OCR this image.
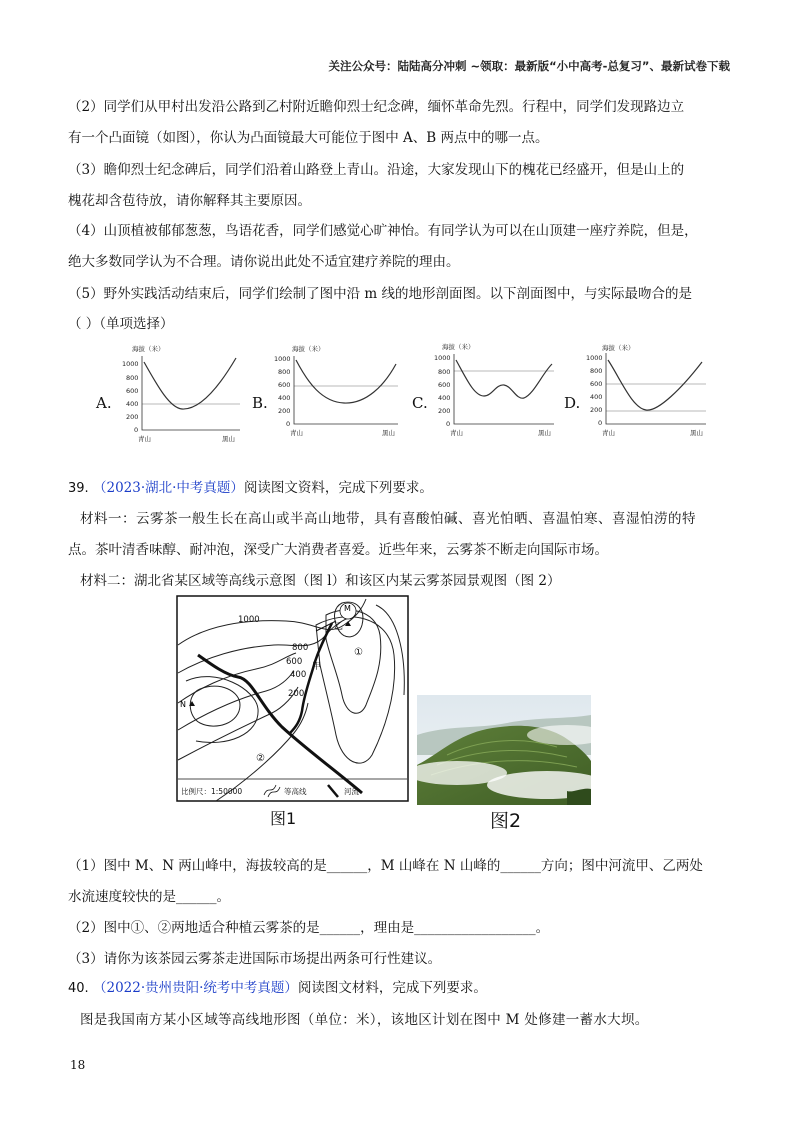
关注公众号：陆陆高分冲刺 ~领取：最新版“小中高考-总复习”、最新试卷下载
（2）同学们从甲村出发沿公路到乙村附近瞻仰烈士纪念碑，缅怀革命先烈。行程中，同学们发现路边立
有一个凸面镜（如图），你认为凸面镜最大可能位于图中 A、B 两点中的哪一点。
（3）瞻仰烈士纪念碑后，同学们沿着山路登上青山。沿途，大家发现山下的槐花已经盛开，但是山上的
槐花却含苞待放，请你解释其主要原因。
（4）山顶植被郁郁葱葱，鸟语花香，同学们感觉心旷神怡。有同学认为可以在山顶建一座疗养院，但是，
绝大多数同学认为不合理。请你说出此处不适宜建疗养院的理由。
（5）野外实践活动结束后，同学们绘制了图中沿 m 线的地形剖面图。以下剖面图中，与实际最吻合的是
（ ）（单项选择）
A.
海拔（米）
1000
800
600
400
200
0
青山	黑山
B.
海拔（米）
1000
800
600
400
200
0
青山	黑山
C.
海拔（米）
1000
800
600
400
200
0
青山	黑山
D.
海拔（米）
1000
800
600
400
200
0
青山	黑山
39. （2023·湖北·中考真题）阅读图文资料，完成下列要求。
材料一：云雾茶一般生长在高山或半高山地带，具有喜酸怕碱、喜光怕晒、喜温怕寒、喜湿怕涝的特
点。茶叶清香味醇、耐冲泡，深受广大消费者喜爱。近些年来，云雾茶不断走向国际市场。
材料二：湖北省某区域等高线示意图（图 l）和该区内某云雾茶园景观图（图 2）
M
N
1000
800
600
400
200
甲
乙
①
②
比例尺：1:50000	等高线	河流
图1	图2
（1）图中 M、N 两山峰中，海拔较高的是______，M 山峰在 N 山峰的______方向；图中河流甲、乙两处
水流速度较快的是______。
（2）图中①、②两地适合种植云雾茶的是______，理由是__________________。
（3）请你为该茶园云雾茶走进国际市场提出两条可行性建议。
40. （2022·贵州贵阳·统考中考真题）阅读图文材料，完成下列要求。
图是我国南方某小区域等高线地形图（单位：米），该地区计划在图中 M 处修建一蓄水大坝。
18
